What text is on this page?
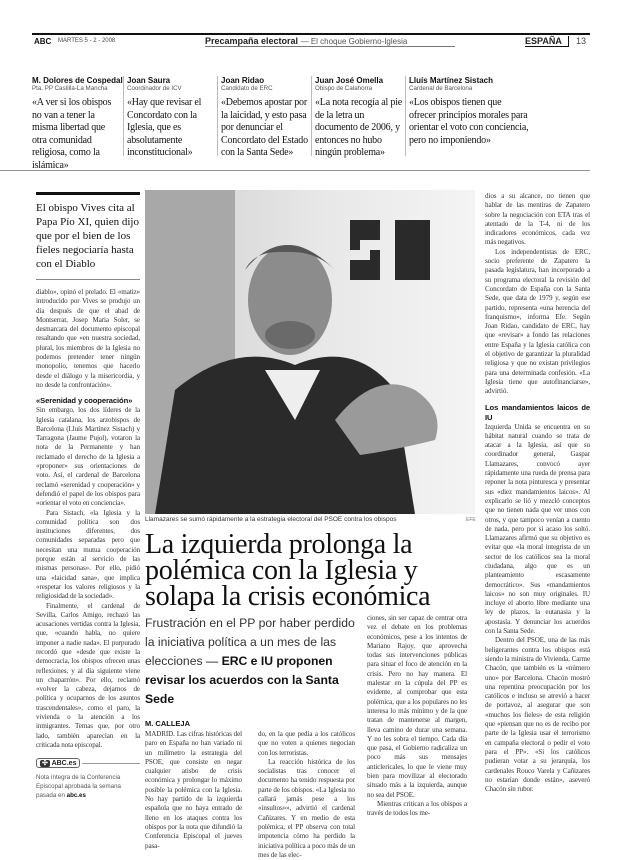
ABC MARTES 5 - 2 - 2008	Precampaña electoral — El choque Gobierno-Iglesia	ESPAÑA	13
M. Dolores de Cospedal
Pta. PP Castilla-La Mancha
«A ver si los obispos no van a tener la misma libertad que otra comunidad religiosa, como la islámica»
Joan Saura
Coordinador de ICV
«Hay que revisar el Concordato con la Iglesia, que es absolutamente inconstitucional»
Joan Ridao
Candidato de ERC
«Debemos apostar por la laicidad, y esto pasa por denunciar el Concordato del Estado con la Santa Sede»
Juan José Omella
Obispo de Calahorra
«La nota recogía al pie de la letra un documento de 2006, y entonces no hubo ningún problema»
Lluís Martínez Sistach
Cardenal de Barcelona
«Los obispos tienen que ofrecer principios morales para orientar el voto con conciencia, pero no imponiendo»
El obispo Vives cita al Papa Pío XI, quien dijo que por el bien de los fieles negociaría hasta con el Diablo

diablo», opinó el prelado. El «matiz» introducido por Vives se produjo un día después de que el abad de Montserrat, Josep Maria Soler, se desmarcara del documento episcopal resaltando que «en nuestra sociedad, plural, los miembros de la Iglesia no podemos pretender tener ningún monopolio, tenemos que hacerlo desde el diálogo y la misericordia, y no desde la confrontación».

«Serenidad y cooperación»

Sin embargo, los dos líderes de la Iglesia catalana, los arzobispos de Barcelona (Lluís Martínez Sistach) y Tarragona (Jaume Pujol), votaron la nota de la Permanente y han reclamado el derecho de la Iglesia a «proponer» sus orientaciones de voto. Así, el cardenal de Barcelona reclamó «serenidad y cooperación» y defendió el papel de los obispos para «orientar el voto en conciencia».

Para Sistach, «la Iglesia y la comunidad política son dos instituciones diferentes, dos comunidades separadas pero que necesitan una mutua cooperación porque están al servicio de las mismas personas». Por ello, pidió una «laicidad sana», que implica «respetar los valores religiosos y la religiosidad de la sociedad».

Finalmente, el cardenal de Sevilla, Carlos Amigo, rechazó las acusaciones vertidas contra la Iglesia, que, «cuando habla, no quiere imponer a nadie nada». El purpurado recordó que «desde que existe la democracia, los obispos ofrecen unas reflexiones, y al día siguiente viene un chaparrón». Por ello, reclamó «volver la cabeza, dejarnos de política y ocuparnos de los asuntos trascendentales», como el paro, la vivienda o la atención a los inmigrantes. Temas que, por otro lado, también aparecían en la criticada nota episcopal.

✣ ABC.es
Nota íntegra de la Conferencia Episcopal aprobada la semana pasada en abc.es
Llamazares se sumó rápidamente a la estrategia electoral del PSOE contra los obispos	EFE
La izquierda prolonga la polémica con la Iglesia y solapa la crisis económica
Frustración en el PP por haber perdido la iniciativa política a un mes de las elecciones — ERC e IU proponen revisar los acuerdos con la Santa Sede
M. CALLEJA

MADRID. Las cifras históricas del paro en España no han variado ni un milímetro la estrategia del PSOE, que consiste en negar cualquier atisbo de crisis económica y prolongar lo máximo posible la polémica con la Iglesia. No hay partido de la izquierda española que no haya entrado de lleno en los ataques contra los obispos por la nota que difundió la Conferencia Episcopal el jueves pasa-

do, en la que pedía a los católicos que no voten a quienes negocian con los terroristas.

La reacción histórica de los socialistas tras conocer el documento ha tenido respuesta por parte de los obispos. «La Iglesia no callará jamás pese a los «insultos»», advirtió el cardenal Cañizares. Y en medio de esta polémica, el PP observa con total impotencia cómo ha perdido la iniciativa política a poco más de un mes de las elec-

ciones, sin ser capaz de centrar otra vez el debate en los problemas económicos, pese a los intentos de Mariano Rajoy, que aprovecha todas sus intervenciones públicas para situar el foco de atención en la crisis. Pero no hay manera. El malestar en la cúpula del PP es evidente, al comprobar que esta polémica, que a los populares no les interesa lo más mínimo y de la que tratan de mantenerse al margen, lleva camino de durar una semana. Y no les sobra el tiempo. Cada día que pasa, el Gobierno radicaliza un poco más sus mensajes anticlericales, lo que le viene muy bien para movilizar al electorado situado más a la izquierda, aunque no sea del PSOE.

Mientras critican a los obispos a través de todos los me-

dios a su alcance, no tienen que hablar de las mentiras de Zapatero sobre la negociación con ETA tras el atentado de la T-4, ni de los indicadores económicos, cada vez más negativos.

Los independentistas de ERC, socio preferente de Zapatero la pasada legislatura, han incorporado a su programa electoral la revisión del Concordato de España con la Santa Sede, que data de 1979 y, según ese partido, representa «una herencia del franquismo», informa Efe. Según Joan Ridao, candidato de ERC, hay que «revisar» a fondo las relaciones entre España y la Iglesia católica con el objetivo de garantizar la pluralidad religiosa y que no existan privilegios para una determinada confesión. «La Iglesia tiene que autofinanciarse», advirtió.

Los mandamientos laicos de IU

Izquierda Unida se encuentra en su hábitat natural cuando se trata de atacar a la Iglesia, así que su coordinador general, Gaspar Llamazares, convocó ayer rápidamente una rueda de prensa para reponer la nota pinturesca y presentar sus «diez mandamientos laicos». Al explicarlo se lió y mezcló conceptos que no tienen nada que ver unos con otros, y que tampoco venían a cuento de nada, pero por si acaso los soltó. Llamazares afirmó que su objetivo es evitar que «la moral integrista de un sector de los católicos sea la moral ciudadana, algo que es un planteamiento escasamente democrático». Sus «mandamientos laicos» no son muy originales. IU incluye el aborto libre mediante una ley de plazos, la eutanasia y la apostasía. Y denunciar los acuerdos con la Santa Sede.

Dentro del PSOE, una de las más beligerantes contra los obispos está siendo la ministra de Vivienda, Carme Chacón, que también es la «número uno» por Barcelona. Chacón mostró una repentina preocupación por los católicos e incluso se atrevió a hacer de portavoz, al asegurar que son «muchos los fieles» de esta religión que «piensan que no es de recibo por parte de la Iglesia usar el terrorismo en campaña electoral o pedir el voto para el PP». «Si los católicos pudieran votar a su jerarquía, los cardenales Rouco Varela y Cañizares no estarían donde están», aseveró Chacón sin rubor.
